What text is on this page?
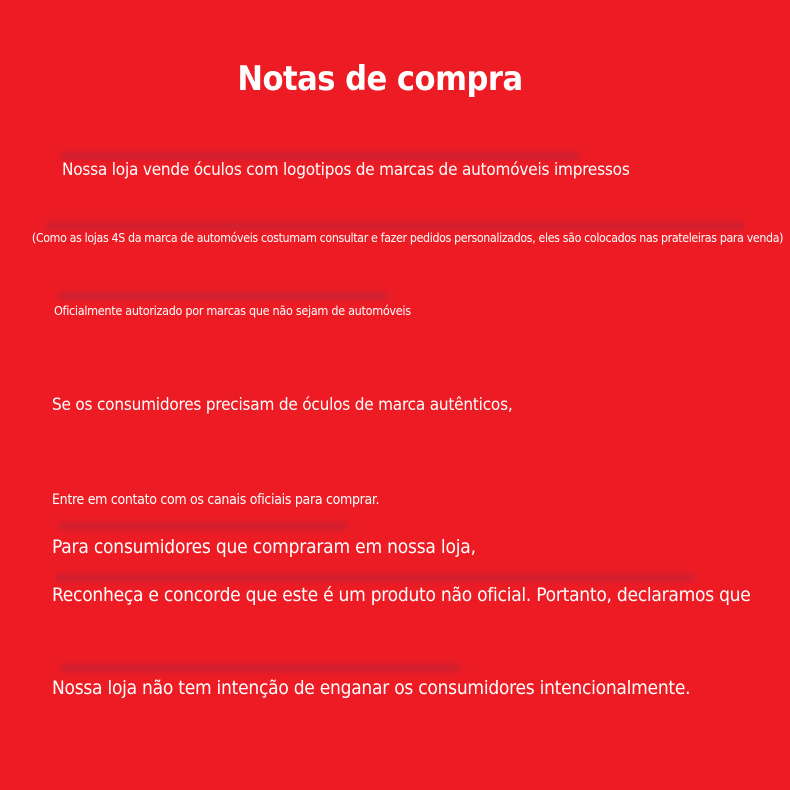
Notas de compra
Nossa loja vende óculos com logotipos de marcas de automóveis impressos
(Como as lojas 4S da marca de automóveis costumam consultar e fazer pedidos personalizados, eles são colocados nas prateleiras para venda)
Oficialmente autorizado por marcas que não sejam de automóveis
Se os consumidores precisam de óculos de marca autênticos,
Entre em contato com os canais oficiais para comprar.
Para consumidores que compraram em nossa loja,
Reconheça e concorde que este é um produto não oficial. Portanto, declaramos que
Nossa loja não tem intenção de enganar os consumidores intencionalmente.
